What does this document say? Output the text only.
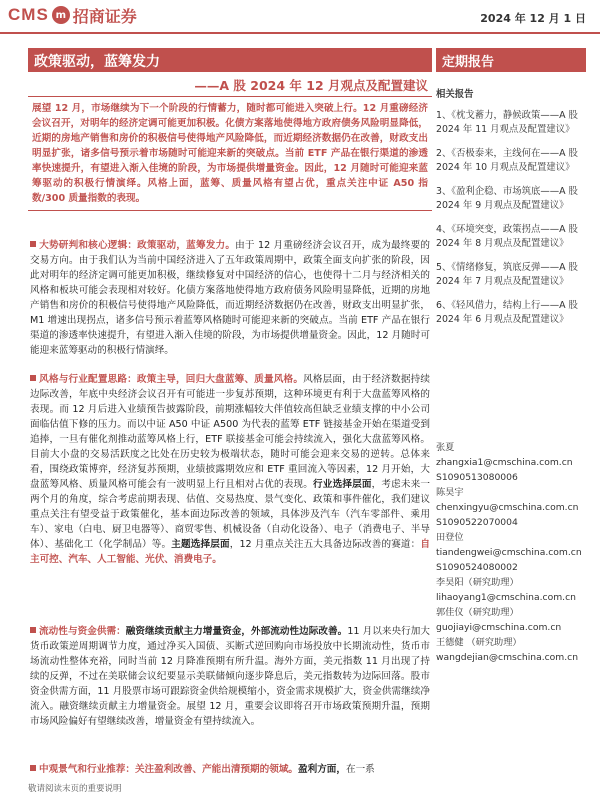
CMS m 招商证券	2024 年 12 月 1 日
政策驱动，蓝筹发力	定期报告
——A 股 2024 年 12 月观点及配置建议

展望 12 月，市场继续为下一个阶段的行情蓄力，随时都可能进入突破上行。12 月重磅经济会议召开，对明年的经济定调可能更加积极。化债方案落地使得地方政府债务风险明显降低，近期的房地产销售和房价的积极信号使得地产风险降低，而近期经济数据仍在改善，财政支出明显扩张，诸多信号预示着市场随时可能迎来新的突破点。当前 ETF 产品在银行渠道的渗透率快速提升，有望进入渐入佳境的阶段，为市场提供增量资金。因此，12 月随时可能迎来蓝筹驱动的积极行情演绎。风格上面，蓝筹、质量风格有望占优，重点关注中证 A50 指数/300 质量指数的表现。

大势研判和核心逻辑：政策驱动，蓝筹发力。由于 12 月重磅经济会议召开，成为最终要的交易方向。由于我们认为当前中国经济进入了五年政策周期中，政策全面支向扩张的阶段，因此对明年的经济定调可能更加积极，继续修复对中国经济的信心，也使得十二月与经济相关的风格和板块可能会表现相对较好。化债方案落地使得地方政府债务风险明显降低，近期的房地产销售和房价的积极信号使得地产风险降低，而近期经济数据仍在改善，财政支出明显扩张，M1 增速出现拐点，诸多信号预示着蓝筹风格随时可能迎来新的突破点。当前 ETF 产品在银行渠道的渗透率快速提升，有望进入渐入佳境的阶段，为市场提供增量资金。因此，12 月随时可能迎来蓝筹驱动的积极行情演绎。

风格与行业配置思路：政策主导，回归大盘蓝筹、质量风格。风格层面，由于经济数据持续边际改善，年底中央经济会议召开有可能进一步复苏预期，这种环境更有利于大盘蓝筹风格的表现。而 12 月后进入业绩预告披露阶段，前期涨幅较大伴值较高但缺乏业绩支撑的中小公司面临估值下修的压力。而以中证 A50 中证 A500 为代表的蓝筹 ETF 链接基金开始在渠道受到追捧，一旦有催化剂推动蓝筹风格上行，ETF 联接基金可能会持续流入，强化大盘蓝筹风格。目前大小盘的交易活跃度之比处在历史较为极端状态，随时可能会迎来交易的逆转。总体来看，围绕政策博弈，经济复苏预期，业绩披露期效应和 ETF 重回流入等因素，12 月开始，大盘蓝筹风格、质量风格可能会有一波明显上行且相对占优的表现。行业选择层面，考虑未来一两个月的角度，综合考虑前期表现、估值、交易热度、景气变化、政策和事件催化，我们建议重点关注有望受益于政策催化，基本面边际改善的领域，具体涉及汽车（汽车零部件、乘用车）、家电（白电、厨卫电器等）、商贸零售、机械设备（自动化设备）、电子（消费电子、半导体）、基础化工（化学制品）等。主题选择层面，12 月重点关注五大具备边际改善的赛道：自主可控、汽车、人工智能、光伏、消费电子。

流动性与资金供需：融资继续贡献主力增量资金，外部流动性边际改善。11 月以来央行加大货币政策逆周期调节力度，通过净买入国债、买断式逆回购向市场投放中长期流动性，货币市场流动性整体充裕，同时当前 12 月降准预期有所升温。海外方面，美元指数 11 月出现了持续的反弹，不过在美联储会议纪要显示美联储倾向逐步降息后，美元指数转为边际回落。股市资金供需方面，11 月股票市场可跟踪资金供给规模缩小，资金需求规模扩大，资金供需继续净流入。融资继续贡献主力增量资金。展望 12 月，重要会议即将召开市场政策预期升温，预期市场风险偏好有望继续改善，增量资金有望持续流入。

中观景气和行业推荐：关注盈利改善、产能出清预期的领域。盈利方面，在一系

相关报告

1、《枕戈蓄力，静候政策——A 股 2024 年 11 月观点及配置建议》

2、《否极泰来，主线何在——A 股 2024 年 10 月观点及配置建议》

3、《盈利企稳、市场筑底——A 股 2024 年 9 月观点及配置建议》

4、《环境突变，政策拐点——A 股 2024 年 8 月观点及配置建议》

5、《情绪修复，筑底反弹——A 股 2024 年 7 月观点及配置建议》

6、《轻风借力，结构上行——A 股 2024 年 6 月观点及配置建议》

张夏

zhangxia1@cmschina.com.cn

S1090513080006

陈昊宇

chenxingyu@cmschina.com.cn

S1090522070004

田登位

tiandengwei@cmschina.com.cn

S1090524080002

李昊阳（研究助理）

lihaoyang1@cmschina.com.cn

郭佳仪（研究助理）

guojiayi@cmschina.com.cn

王德健 （研究助理）

wangdejian@cmschina.com.cn

敬请阅读末页的重要说明
